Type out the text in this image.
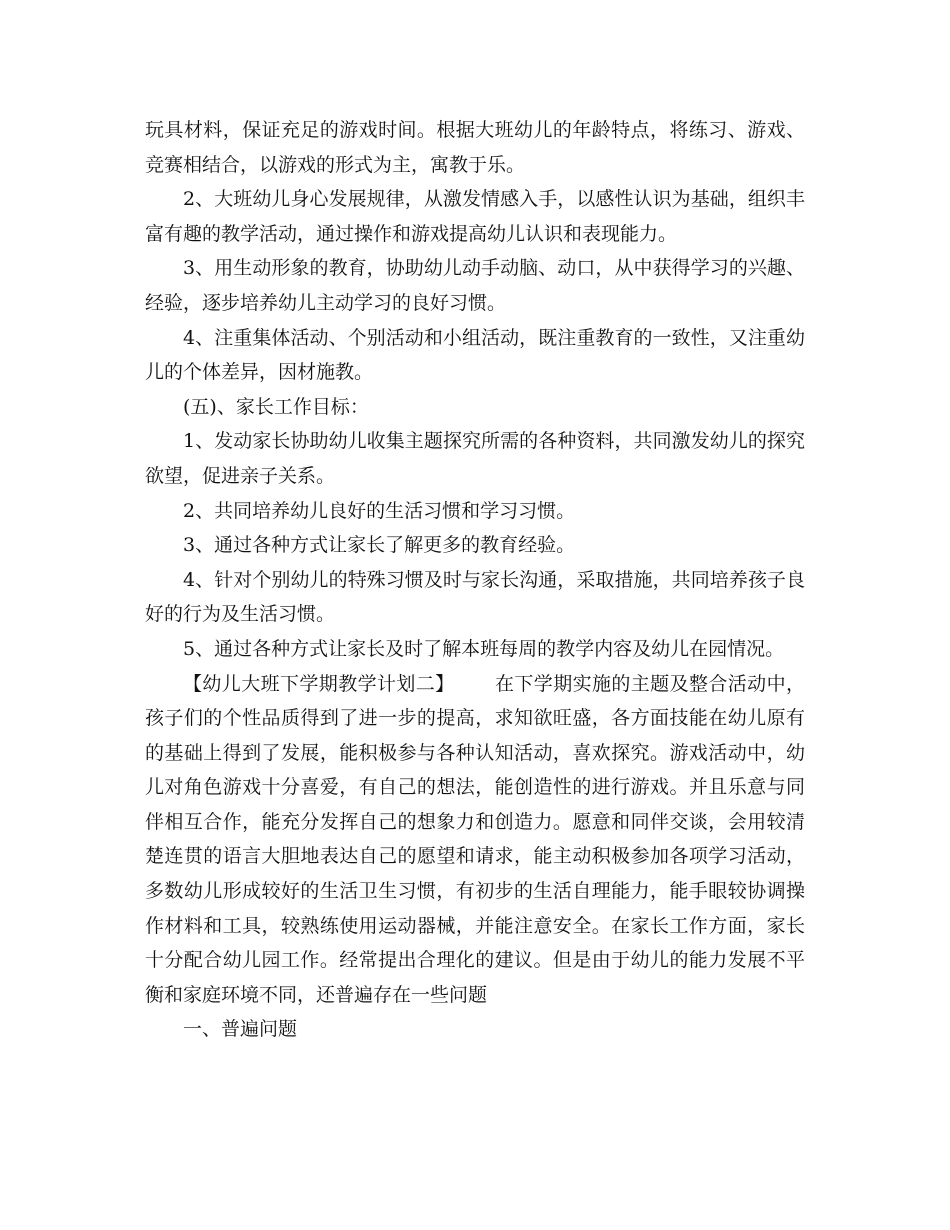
玩具材料，保证充足的游戏时间。根据大班幼儿的年龄特点，将练习、游戏、竞赛相结合，以游戏的形式为主，寓教于乐。

2、大班幼儿身心发展规律，从激发情感入手，以感性认识为基础，组织丰富有趣的教学活动，通过操作和游戏提高幼儿认识和表现能力。

3、用生动形象的教育，协助幼儿动手动脑、动口，从中获得学习的兴趣、经验，逐步培养幼儿主动学习的良好习惯。

4、注重集体活动、个别活动和小组活动，既注重教育的一致性，又注重幼儿的个体差异，因材施教。

(五)、家长工作目标：

1、发动家长协助幼儿收集主题探究所需的各种资料，共同激发幼儿的探究欲望，促进亲子关系。

2、共同培养幼儿良好的生活习惯和学习习惯。

3、通过各种方式让家长了解更多的教育经验。

4、针对个别幼儿的特殊习惯及时与家长沟通，采取措施，共同培养孩子良好的行为及生活习惯。

5、通过各种方式让家长及时了解本班每周的教学内容及幼儿在园情况。

【幼儿大班下学期教学计划二】 在下学期实施的主题及整合活动中，孩子们的个性品质得到了进一步的提高，求知欲旺盛，各方面技能在幼儿原有的基础上得到了发展，能积极参与各种认知活动，喜欢探究。游戏活动中，幼儿对角色游戏十分喜爱，有自己的想法，能创造性的进行游戏。并且乐意与同伴相互合作，能充分发挥自己的想象力和创造力。愿意和同伴交谈，会用较清楚连贯的语言大胆地表达自己的愿望和请求，能主动积极参加各项学习活动，多数幼儿形成较好的生活卫生习惯，有初步的生活自理能力，能手眼较协调操作材料和工具，较熟练使用运动器械，并能注意安全。在家长工作方面，家长十分配合幼儿园工作。经常提出合理化的建议。但是由于幼儿的能力发展不平衡和家庭环境不同，还普遍存在一些问题

一、普遍问题
